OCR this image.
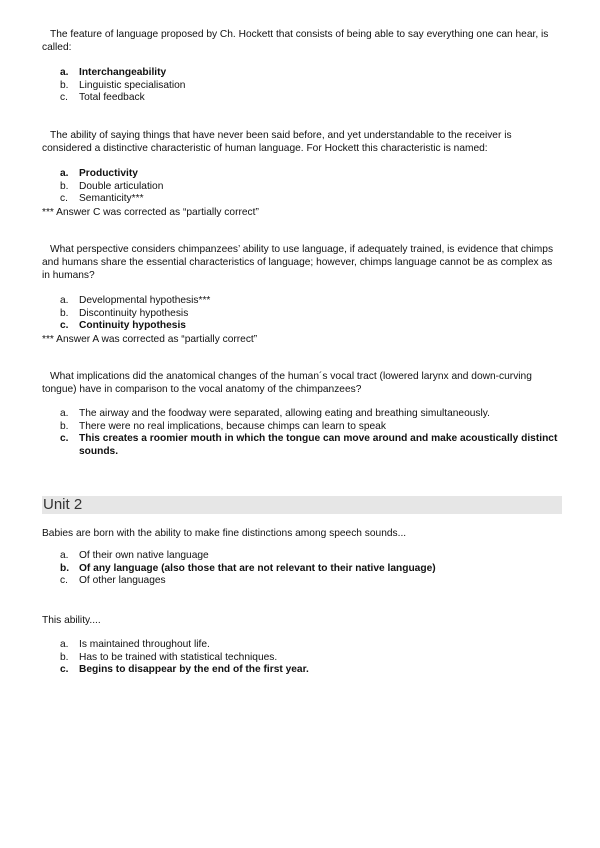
The feature of language proposed by Ch. Hockett that consists of being able to say everything one can hear, is called:

a. Interchangeability
b. Linguistic specialisation
c. Total feedback

The ability of saying things that have never been said before, and yet understandable to the receiver is considered a distinctive characteristic of human language. For Hockett this characteristic is named:

a. Productivity
b. Double articulation
c. Semanticity***

*** Answer C was corrected as “partially correct”

What perspective considers chimpanzees’ ability to use language, if adequately trained, is evidence that chimps and humans share the essential characteristics of language; however, chimps language cannot be as complex as in humans?

a. Developmental hypothesis***
b. Discontinuity hypothesis
c. Continuity hypothesis

*** Answer A was corrected as “partially correct”

What implications did the anatomical changes of the human´s vocal tract (lowered larynx and down-curving tongue) have in comparison to the vocal anatomy of the chimpanzees?

a. The airway and the foodway were separated, allowing eating and breathing simultaneously.
b. There were no real implications, because chimps can learn to speak
c. This creates a roomier mouth in which the tongue can move around and make acoustically distinct sounds.
Unit 2

Babies are born with the ability to make fine distinctions among speech sounds...

a. Of their own native language
b. Of any language (also those that are not relevant to their native language)
c. Of other languages

This ability....

a. Is maintained throughout life.
b. Has to be trained with statistical techniques.
c. Begins to disappear by the end of the first year.
